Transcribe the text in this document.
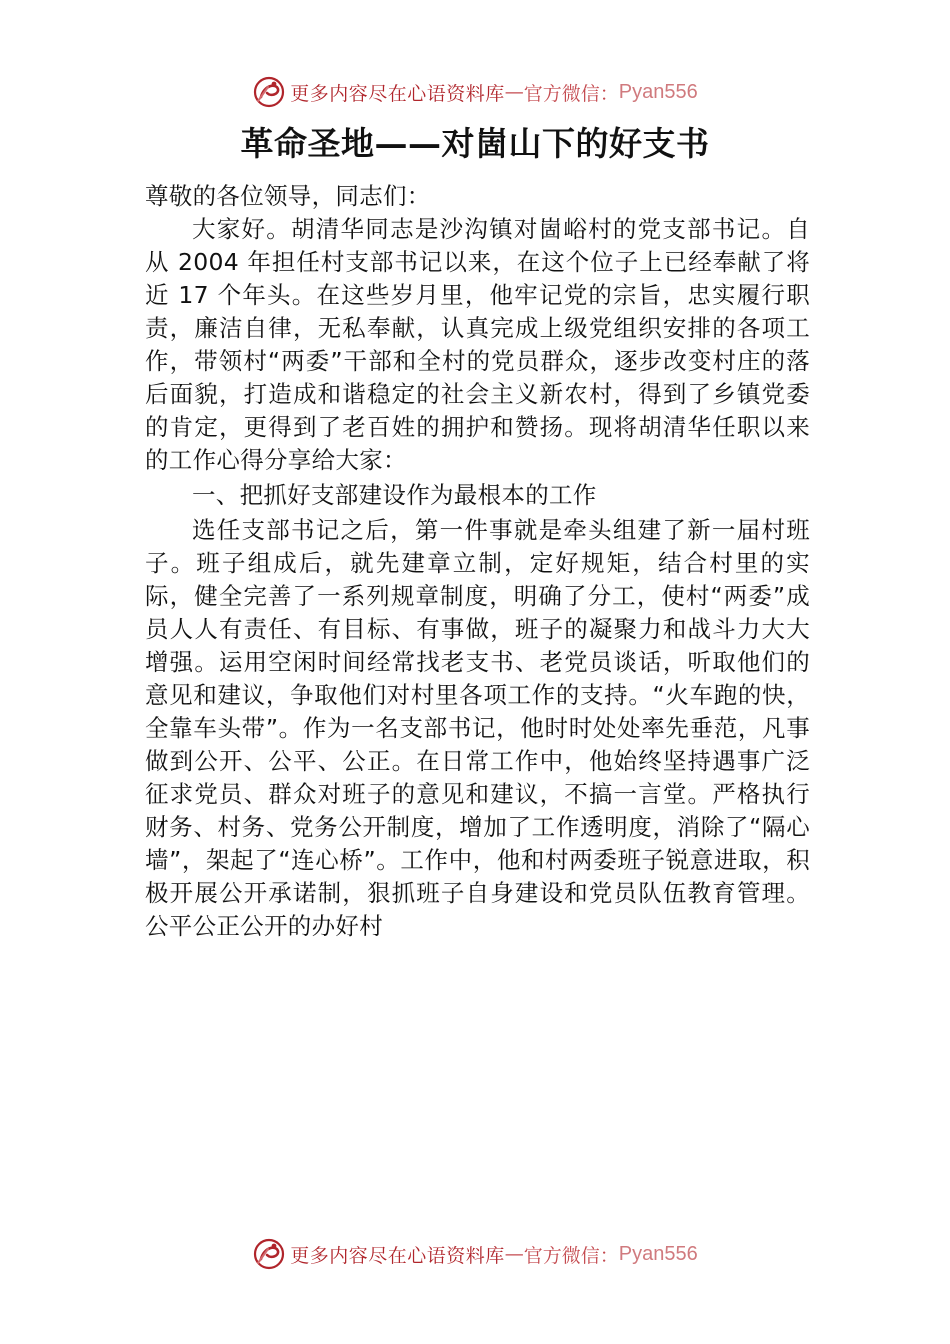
更多内容尽在心语资料库 — 官方微信： Pyan556
革命圣地——对崮山下的好支书

尊敬的各位领导，同志们：

大家好。胡清华同志是沙沟镇对崮峪村的党支部书记。自从 2004 年担任村支部书记以来，在这个位子上已经奉献了将近 17 个年头。在这些岁月里，他牢记党的宗旨，忠实履行职责，廉洁自律，无私奉献，认真完成上级党组织安排的各项工作，带领村“两委”干部和全村的党员群众，逐步改变村庄的落后面貌，打造成和谐稳定的社会主义新农村，得到了乡镇党委的肯定，更得到了老百姓的拥护和赞扬。现将胡清华任职以来的工作心得分享给大家：

一、把抓好支部建设作为最根本的工作

选任支部书记之后，第一件事就是牵头组建了新一届村班子。班子组成后，就先建章立制，定好规矩，结合村里的实际，健全完善了一系列规章制度，明确了分工，使村“两委”成员人人有责任、有目标、有事做，班子的凝聚力和战斗力大大增强。运用空闲时间经常找老支书、老党员谈话，听取他们的意见和建议，争取他们对村里各项工作的支持。“火车跑的快，全靠车头带”。作为一名支部书记，他时时处处率先垂范，凡事做到公开、公平、公正。在日常工作中，他始终坚持遇事广泛征求党员、群众对班子的意见和建议，不搞一言堂。严格执行财务、村务、党务公开制度，增加了工作透明度，消除了“隔心墙”，架起了“连心桥”。工作中，他和村两委班子锐意进取，积极开展公开承诺制，狠抓班子自身建设和党员队伍教育管理。公平公正公开的办好村

更多内容尽在心语资料库 — 官方微信： Pyan556
